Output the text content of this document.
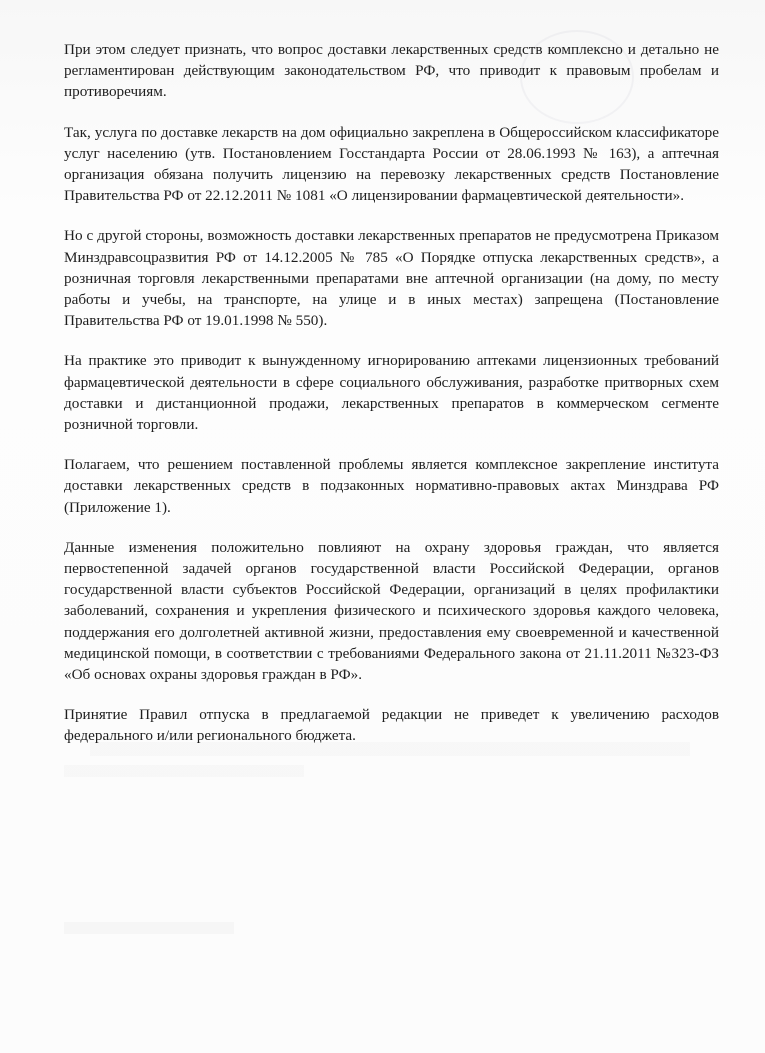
При этом следует признать, что вопрос доставки лекарственных средств комплексно и детально не регламентирован действующим законодательством РФ, что приводит к правовым пробелам и противоречиям.

Так, услуга по доставке лекарств на дом официально закреплена в Общероссийском классификаторе услуг населению (утв. Постановлением Госстандарта России от 28.06.1993 № 163), а аптечная организация обязана получить лицензию на перевозку лекарственных средств Постановление Правительства РФ от 22.12.2011 № 1081 «О лицензировании фармацевтической деятельности».

Но с другой стороны, возможность доставки лекарственных препаратов не предусмотрена Приказом Минздравсоцразвития РФ от 14.12.2005 № 785 «О Порядке отпуска лекарственных средств», а розничная торговля лекарственными препаратами вне аптечной организации (на дому, по месту работы и учебы, на транспорте, на улице и в иных местах) запрещена (Постановление Правительства РФ от 19.01.1998 № 550).

На практике это приводит к вынужденному игнорированию аптеками лицензионных требований фармацевтической деятельности в сфере социального обслуживания, разработке притворных схем доставки и дистанционной продажи, лекарственных препаратов в коммерческом сегменте розничной торговли.

Полагаем, что решением поставленной проблемы является комплексное закрепление института доставки лекарственных средств в подзаконных нормативно-правовых актах Минздрава РФ (Приложение 1).

Данные изменения положительно повлияют на охрану здоровья граждан, что является первостепенной задачей органов государственной власти Российской Федерации, органов государственной власти субъектов Российской Федерации, организаций в целях профилактики заболеваний, сохранения и укрепления физического и психического здоровья каждого человека, поддержания его долголетней активной жизни, предоставления ему своевременной и качественной медицинской помощи, в соответствии с требованиями Федерального закона от 21.11.2011 №323-ФЗ «Об основах охраны здоровья граждан в РФ».

Принятие Правил отпуска в предлагаемой редакции не приведет к увеличению расходов федерального и/или регионального бюджета.
